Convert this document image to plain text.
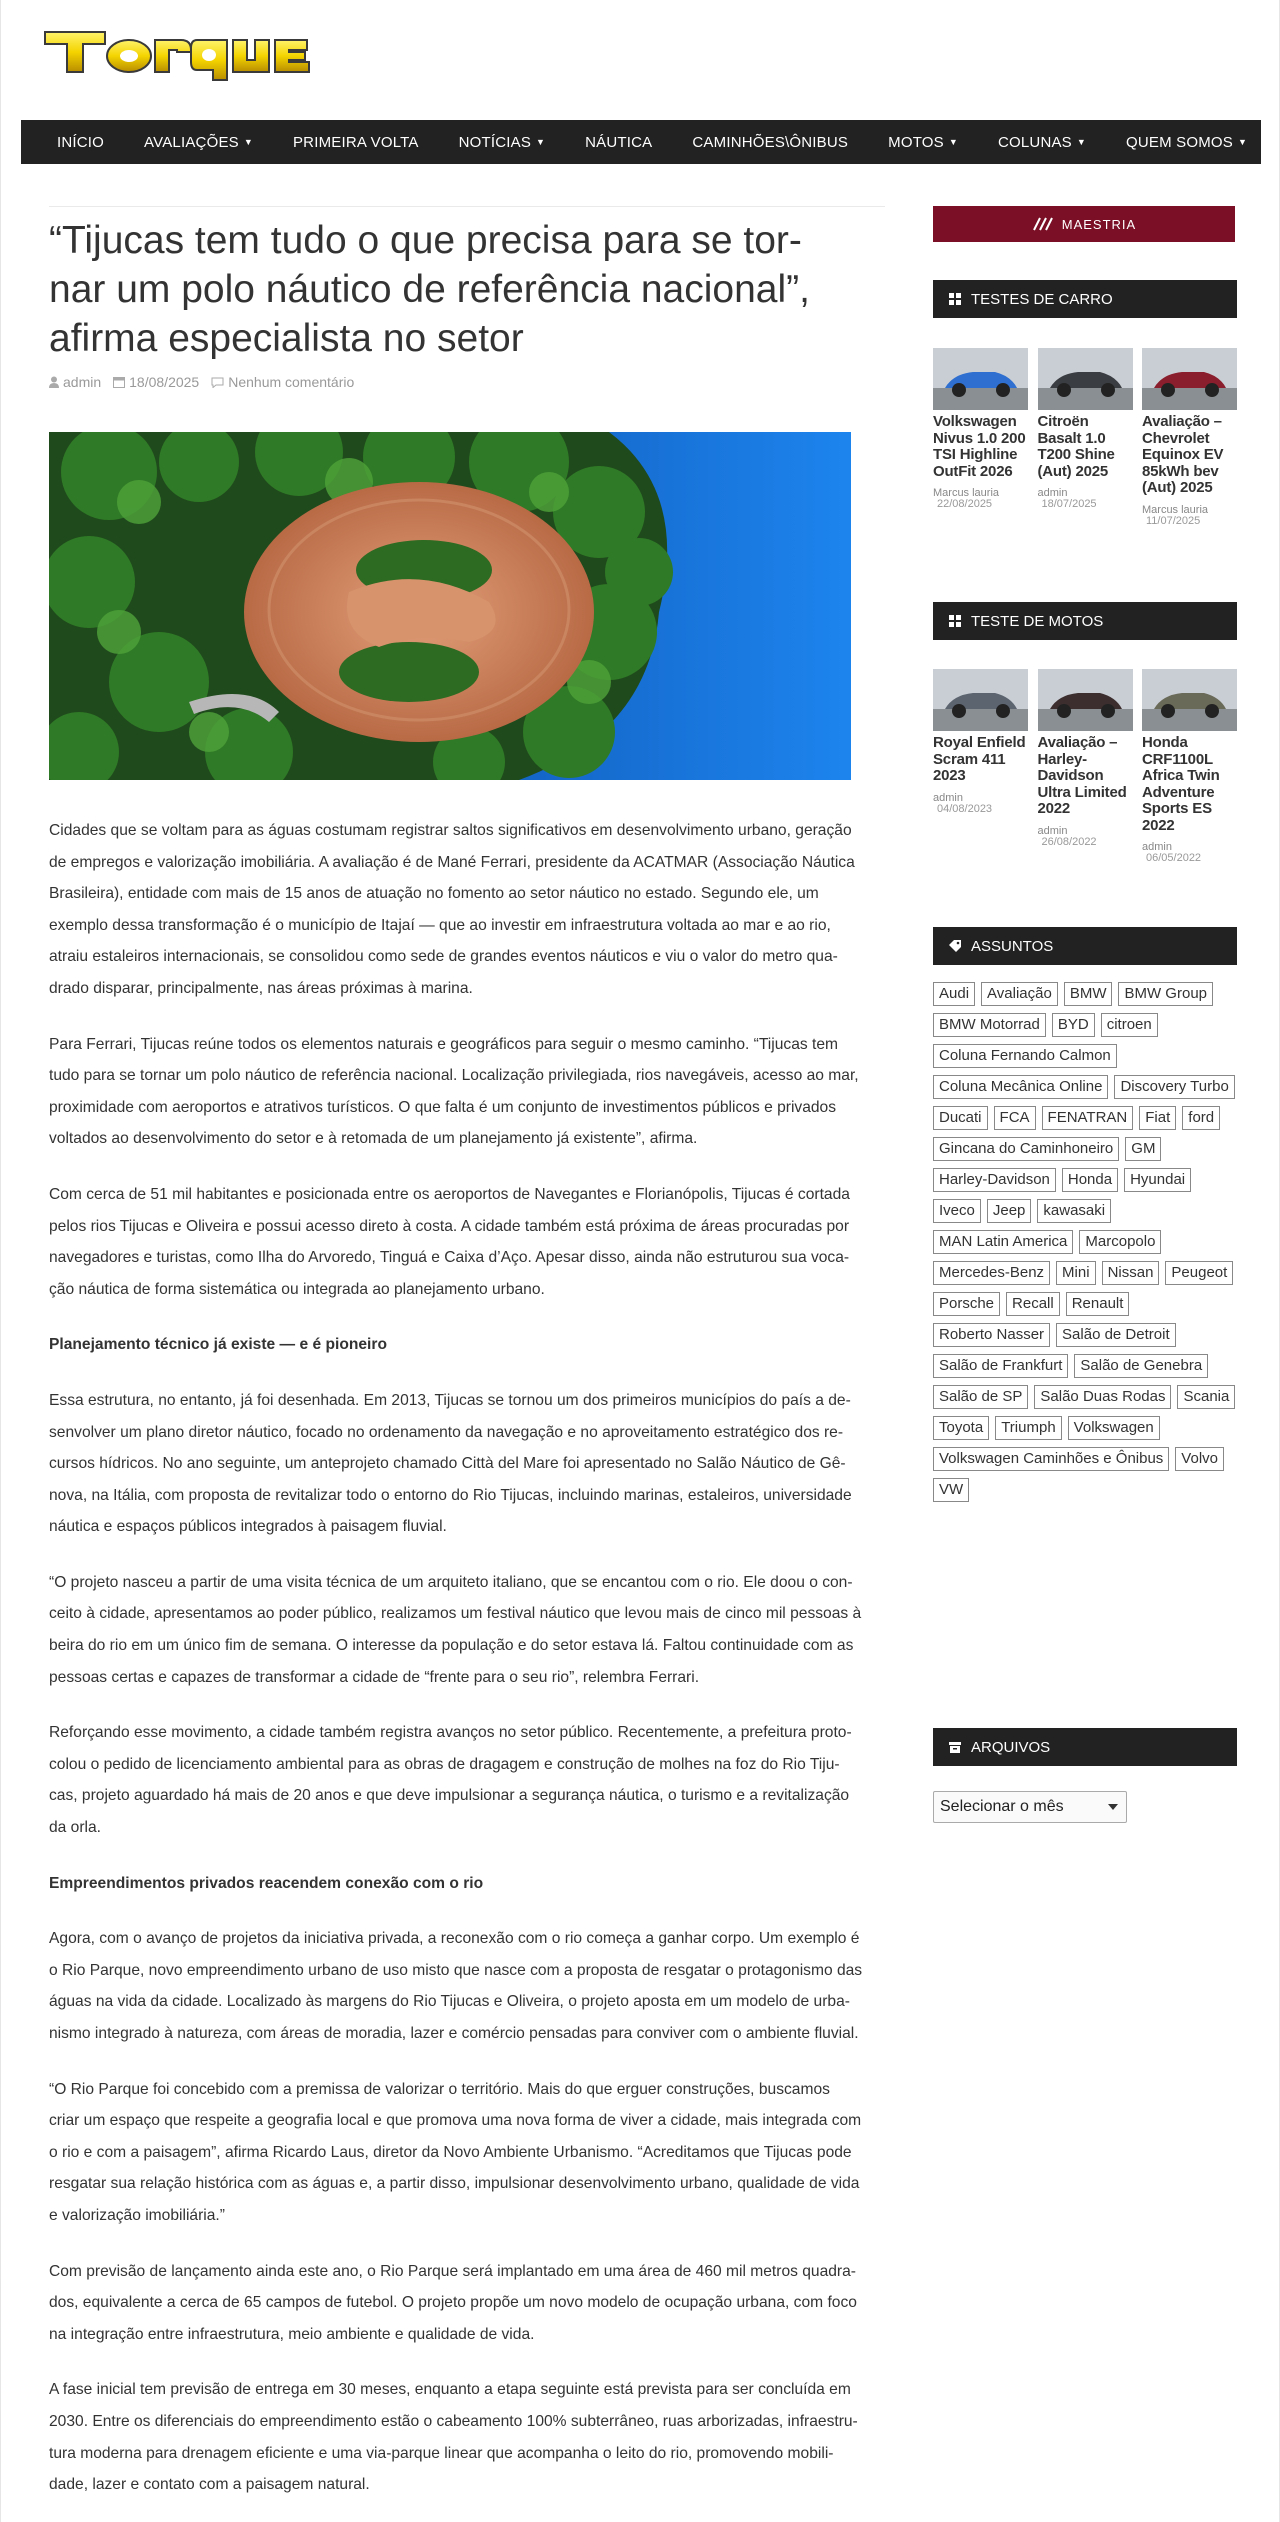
INÍCIO	AVALIAÇÕES ▼	PRIMEIRA VOLTA	NOTÍCIAS ▼	NÁUTICA	CAMINHÕES\ÔNIBUS	MOTOS ▼	COLUNAS ▼	QUEM SOMOS ▼
“Tijucas tem tudo o que precisa para se tor-
nar um polo náutico de referência nacional”,
afirma especialista no setor
admin 18/08/2025 Nenhum comentário

Cidades que se voltam para as águas costumam registrar saltos significativos em desenvolvimento urbano, geração
de empregos e valorização imobiliária. A avaliação é de Mané Ferrari, presidente da ACATMAR (Associação Náutica
Brasileira), entidade com mais de 15 anos de atuação no fomento ao setor náutico no estado. Segundo ele, um
exemplo dessa transformação é o município de Itajaí — que ao investir em infraestrutura voltada ao mar e ao rio,
atraiu estaleiros internacionais, se consolidou como sede de grandes eventos náuticos e viu o valor do metro qua-
drado disparar, principalmente, nas áreas próximas à marina.

Para Ferrari, Tijucas reúne todos os elementos naturais e geográficos para seguir o mesmo caminho. “Tijucas tem
tudo para se tornar um polo náutico de referência nacional. Localização privilegiada, rios navegáveis, acesso ao mar,
proximidade com aeroportos e atrativos turísticos. O que falta é um conjunto de investimentos públicos e privados
voltados ao desenvolvimento do setor e à retomada de um planejamento já existente”, afirma.

Com cerca de 51 mil habitantes e posicionada entre os aeroportos de Navegantes e Florianópolis, Tijucas é cortada
pelos rios Tijucas e Oliveira e possui acesso direto à costa. A cidade também está próxima de áreas procuradas por
navegadores e turistas, como Ilha do Arvoredo, Tinguá e Caixa d’Aço. Apesar disso, ainda não estruturou sua voca-
ção náutica de forma sistemática ou integrada ao planejamento urbano.

Planejamento técnico já existe — e é pioneiro

Essa estrutura, no entanto, já foi desenhada. Em 2013, Tijucas se tornou um dos primeiros municípios do país a de-
senvolver um plano diretor náutico, focado no ordenamento da navegação e no aproveitamento estratégico dos re-
cursos hídricos. No ano seguinte, um anteprojeto chamado Città del Mare foi apresentado no Salão Náutico de Gê-
nova, na Itália, com proposta de revitalizar todo o entorno do Rio Tijucas, incluindo marinas, estaleiros, universidade
náutica e espaços públicos integrados à paisagem fluvial.

“O projeto nasceu a partir de uma visita técnica de um arquiteto italiano, que se encantou com o rio. Ele doou o con-
ceito à cidade, apresentamos ao poder público, realizamos um festival náutico que levou mais de cinco mil pessoas à
beira do rio em um único fim de semana. O interesse da população e do setor estava lá. Faltou continuidade com as
pessoas certas e capazes de transformar a cidade de “frente para o seu rio”, relembra Ferrari.

Reforçando esse movimento, a cidade também registra avanços no setor público. Recentemente, a prefeitura proto-
colou o pedido de licenciamento ambiental para as obras de dragagem e construção de molhes na foz do Rio Tiju-
cas, projeto aguardado há mais de 20 anos e que deve impulsionar a segurança náutica, o turismo e a revitalização
da orla.

Empreendimentos privados reacendem conexão com o rio

Agora, com o avanço de projetos da iniciativa privada, a reconexão com o rio começa a ganhar corpo. Um exemplo é
o Rio Parque, novo empreendimento urbano de uso misto que nasce com a proposta de resgatar o protagonismo das
águas na vida da cidade. Localizado às margens do Rio Tijucas e Oliveira, o projeto aposta em um modelo de urba-
nismo integrado à natureza, com áreas de moradia, lazer e comércio pensadas para conviver com o ambiente fluvial.

“O Rio Parque foi concebido com a premissa de valorizar o território. Mais do que erguer construções, buscamos
criar um espaço que respeite a geografia local e que promova uma nova forma de viver a cidade, mais integrada com
o rio e com a paisagem”, afirma Ricardo Laus, diretor da Novo Ambiente Urbanismo. “Acreditamos que Tijucas pode
resgatar sua relação histórica com as águas e, a partir disso, impulsionar desenvolvimento urbano, qualidade de vida
e valorização imobiliária.”

Com previsão de lançamento ainda este ano, o Rio Parque será implantado em uma área de 460 mil metros quadra-
dos, equivalente a cerca de 65 campos de futebol. O projeto propõe um novo modelo de ocupação urbana, com foco
na integração entre infraestrutura, meio ambiente e qualidade de vida.

A fase inicial tem previsão de entrega em 30 meses, enquanto a etapa seguinte está prevista para ser concluída em
2030. Entre os diferenciais do empreendimento estão o cabeamento 100% subterrâneo, ruas arborizadas, infraestru-
tura moderna para drenagem eficiente e uma via-parque linear que acompanha o leito do rio, promovendo mobili-
dade, lazer e contato com a paisagem natural.

MAESTRIA
TESTES DE CARRO
Volkswagen Nivus 1.0 200 TSI Highline OutFit 2026
Marcus lauria
22/08/2025
Citroën Basalt 1.0 T200 Shine (Aut) 2025
admin
18/07/2025
Avaliação – Chevrolet Equinox EV 85kWh bev (Aut) 2025
Marcus lauria
11/07/2025
TESTE DE MOTOS
Royal Enfield Scram 411 2023
admin
04/08/2023
Avaliação – Harley-Davidson Ultra Limited 2022
admin
26/08/2022
Honda CRF1100L Africa Twin Adventure Sports ES 2022
admin
06/05/2022
ASSUNTOS
Audi	Avaliação	BMW	BMW Group
BMW Motorrad	BYD	citroen
Coluna Fernando Calmon
Coluna Mecânica Online	Discovery Turbo
Ducati	FCA	FENATRAN	Fiat	ford
Gincana do Caminhoneiro	GM
Harley-Davidson	Honda	Hyundai
Iveco	Jeep	kawasaki
MAN Latin America	Marcopolo
Mercedes-Benz	Mini	Nissan	Peugeot
Porsche	Recall	Renault
Roberto Nasser	Salão de Detroit
Salão de Frankfurt	Salão de Genebra
Salão de SP	Salão Duas Rodas	Scania
Toyota	Triumph	Volkswagen
Volkswagen Caminhões e Ônibus	Volvo
VW
ARQUIVOS
Selecionar o mês
